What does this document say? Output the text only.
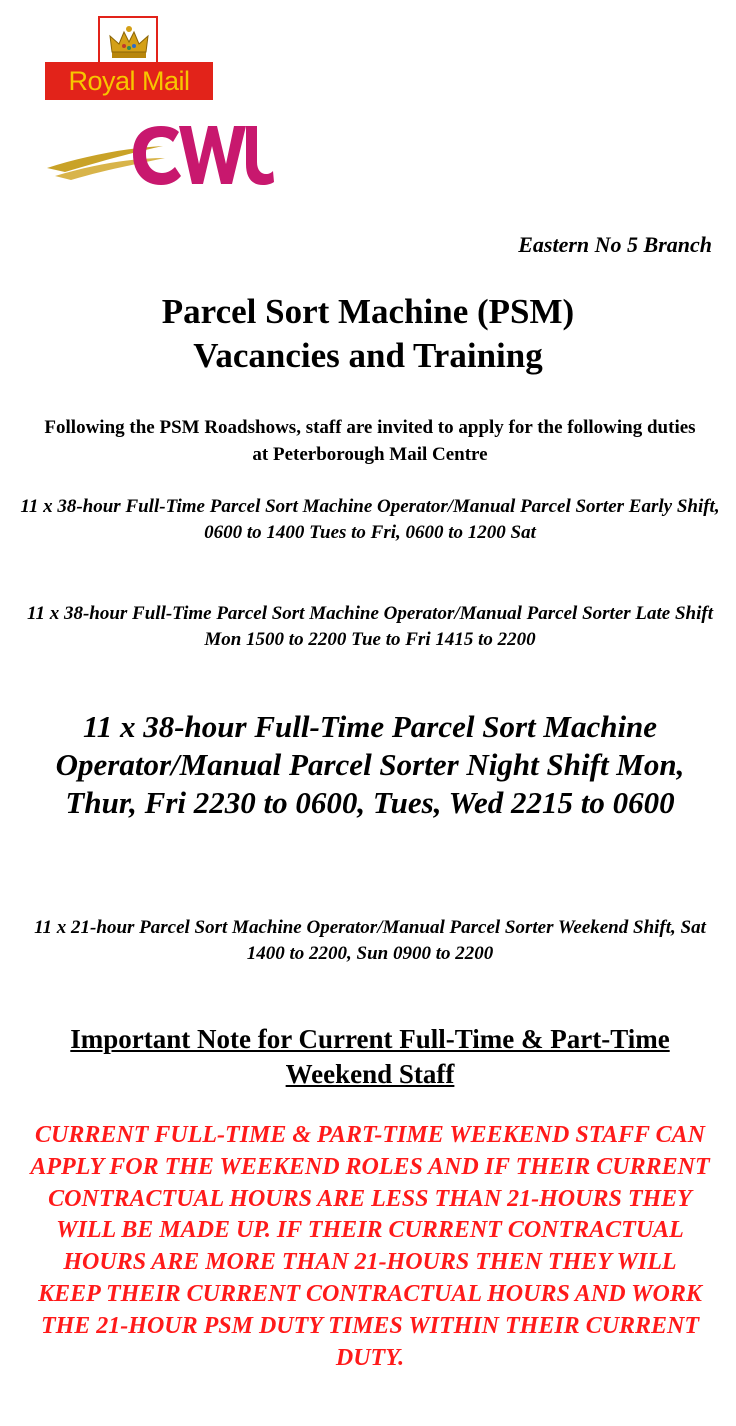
Royal Mail
CWU
Eastern No 5 Branch
Parcel Sort Machine (PSM)
Vacancies and Training
Following the PSM Roadshows, staff are invited to apply for the following duties at Peterborough Mail Centre
11 x 38-hour Full-Time Parcel Sort Machine Operator/Manual Parcel Sorter Early Shift, 0600 to 1400 Tues to Fri, 0600 to 1200 Sat
11 x 38-hour Full-Time Parcel Sort Machine Operator/Manual Parcel Sorter Late Shift Mon 1500 to 2200 Tue to Fri 1415 to 2200
11 x 38-hour Full-Time Parcel Sort Machine Operator/Manual Parcel Sorter Night Shift Mon, Thur, Fri 2230 to 0600, Tues, Wed 2215 to 0600
11 x 21-hour Parcel Sort Machine Operator/Manual Parcel Sorter Weekend Shift, Sat 1400 to 2200, Sun 0900 to 2200
Important Note for Current Full-Time & Part-Time Weekend Staff
CURRENT FULL-TIME & PART-TIME WEEKEND STAFF CAN APPLY FOR THE WEEKEND ROLES AND IF THEIR CURRENT CONTRACTUAL HOURS ARE LESS THAN 21-HOURS THEY WILL BE MADE UP. IF THEIR CURRENT CONTRACTUAL HOURS ARE MORE THAN 21-HOURS THEN THEY WILL KEEP THEIR CURRENT CONTRACTUAL HOURS AND WORK THE 21-HOUR PSM DUTY TIMES WITHIN THEIR CURRENT DUTY.
